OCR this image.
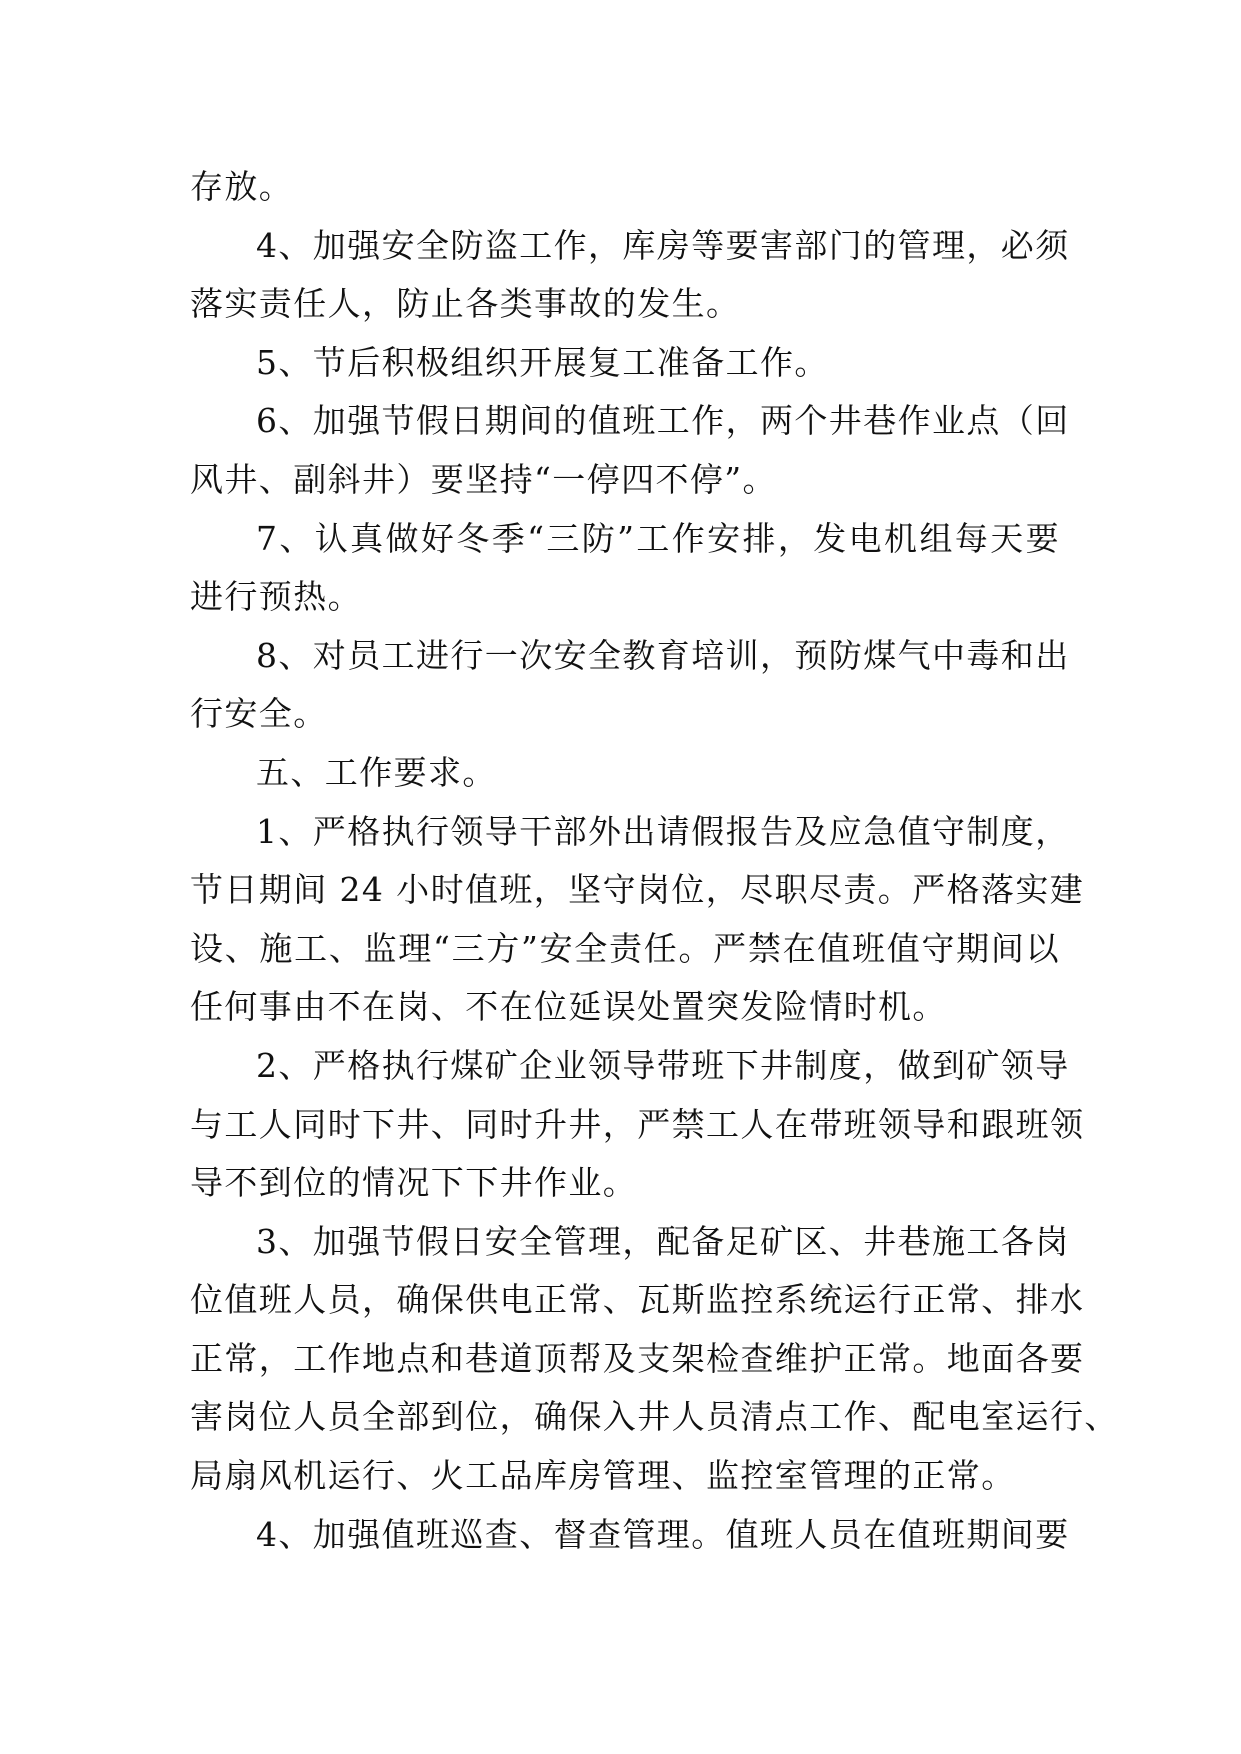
存放。
4、加强安全防盗工作，库房等要害部门的管理，必须
落实责任人，防止各类事故的发生。
5、节后积极组织开展复工准备工作。
6、加强节假日期间的值班工作，两个井巷作业点（回
风井、副斜井）要坚持“一停四不停”。
7、认真做好冬季“三防”工作安排，发电机组每天要
进行预热。
8、对员工进行一次安全教育培训，预防煤气中毒和出
行安全。
五、工作要求。
1、严格执行领导干部外出请假报告及应急值守制度，
节日期间 24 小时值班，坚守岗位，尽职尽责。严格落实建
设、施工、监理“三方”安全责任。严禁在值班值守期间以
任何事由不在岗、不在位延误处置突发险情时机。
2、严格执行煤矿企业领导带班下井制度，做到矿领导
与工人同时下井、同时升井，严禁工人在带班领导和跟班领
导不到位的情况下下井作业。
3、加强节假日安全管理，配备足矿区、井巷施工各岗
位值班人员，确保供电正常、瓦斯监控系统运行正常、排水
正常，工作地点和巷道顶帮及支架检查维护正常。地面各要
害岗位人员全部到位，确保入井人员清点工作、配电室运行、
局扇风机运行、火工品库房管理、监控室管理的正常。
4、加强值班巡查、督查管理。值班人员在值班期间要
